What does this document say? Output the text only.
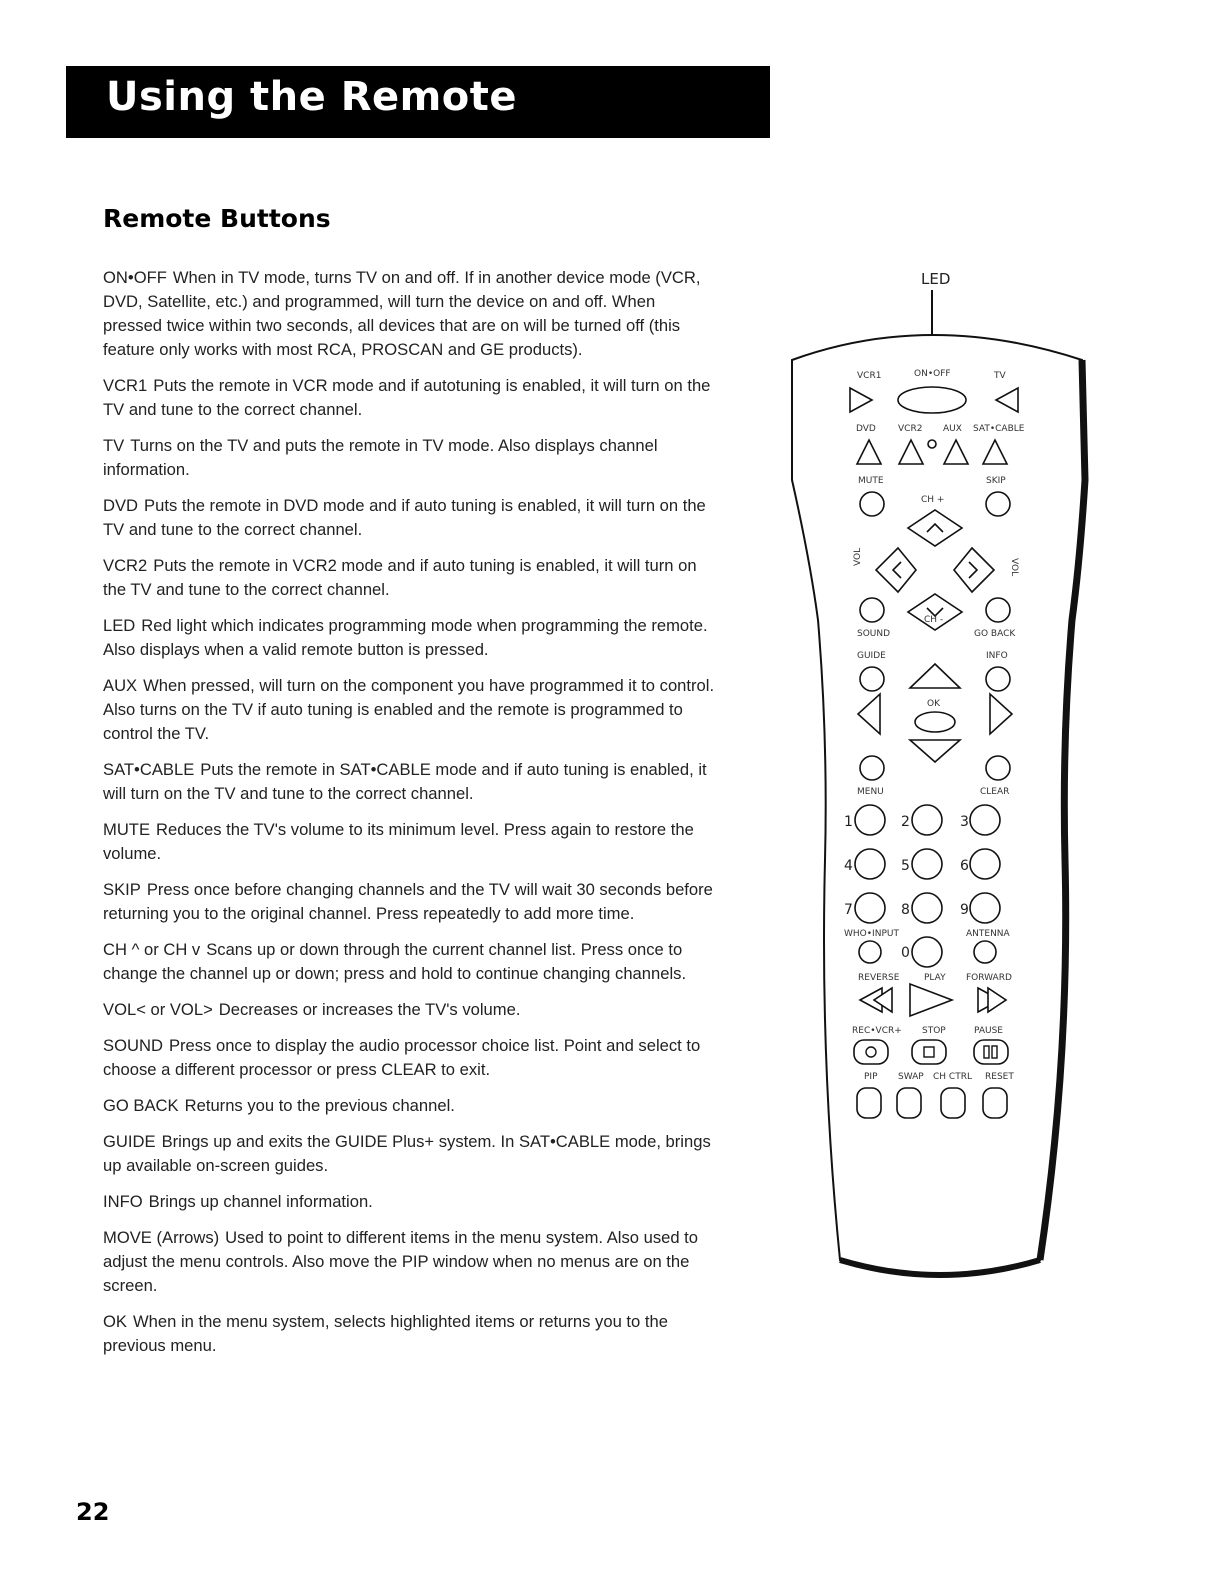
Using the Remote
Remote Buttons

ON•OFF When in TV mode, turns TV on and off. If in another device mode (VCR, DVD, Satellite, etc.) and programmed, will turn the device on and off. When pressed twice within two seconds, all devices that are on will be turned off (this feature only works with most RCA, PROSCAN and GE products).

VCR1 Puts the remote in VCR mode and if autotuning is enabled, it will turn on the TV and tune to the correct channel.

TV Turns on the TV and puts the remote in TV mode. Also displays channel information.

DVD Puts the remote in DVD mode and if auto tuning is enabled, it will turn on the TV and tune to the correct channel.

VCR2 Puts the remote in VCR2 mode and if auto tuning is enabled, it will turn on the TV and tune to the correct channel.

LED Red light which indicates programming mode when programming the remote. Also displays when a valid remote button is pressed.

AUX When pressed, will turn on the component you have programmed it to control. Also turns on the TV if auto tuning is enabled and the remote is programmed to control the TV.

SAT•CABLE Puts the remote in SAT•CABLE mode and if auto tuning is enabled, it will turn on the TV and tune to the correct channel.

MUTE Reduces the TV's volume to its minimum level. Press again to restore the volume.

SKIP Press once before changing channels and the TV will wait 30 seconds before returning you to the original channel. Press repeatedly to add more time.

CH ^ or CH v Scans up or down through the current channel list. Press once to change the channel up or down; press and hold to continue changing channels.

VOL< or VOL> Decreases or increases the TV's volume.

SOUND Press once to display the audio processor choice list. Point and select to choose a different processor or press CLEAR to exit.

GO BACK Returns you to the previous channel.

GUIDE Brings up and exits the GUIDE Plus+ system. In SAT•CABLE mode, brings up available on-screen guides.

INFO Brings up channel information.

MOVE (Arrows) Used to point to different items in the menu system. Also used to adjust the menu controls. Also move the PIP window when no menus are on the screen.

OK When in the menu system, selects highlighted items or returns you to the previous menu.

LED
VCR1	ON•OFF	TV
DVD VCR2 AUX SAT•CABLE
MUTE	SKIP
CH +
VOL
VOL
CH -
SOUND	GO BACK
GUIDE	INFO
OK
MENU	CLEAR
1	2	3
4	5	6
7	8	9
WHO•INPUT	ANTENNA
0
REVERSE	PLAY FORWARD
REC•VCR+ STOP	PAUSE
PIP SWAP CH CTRL RESET
22
